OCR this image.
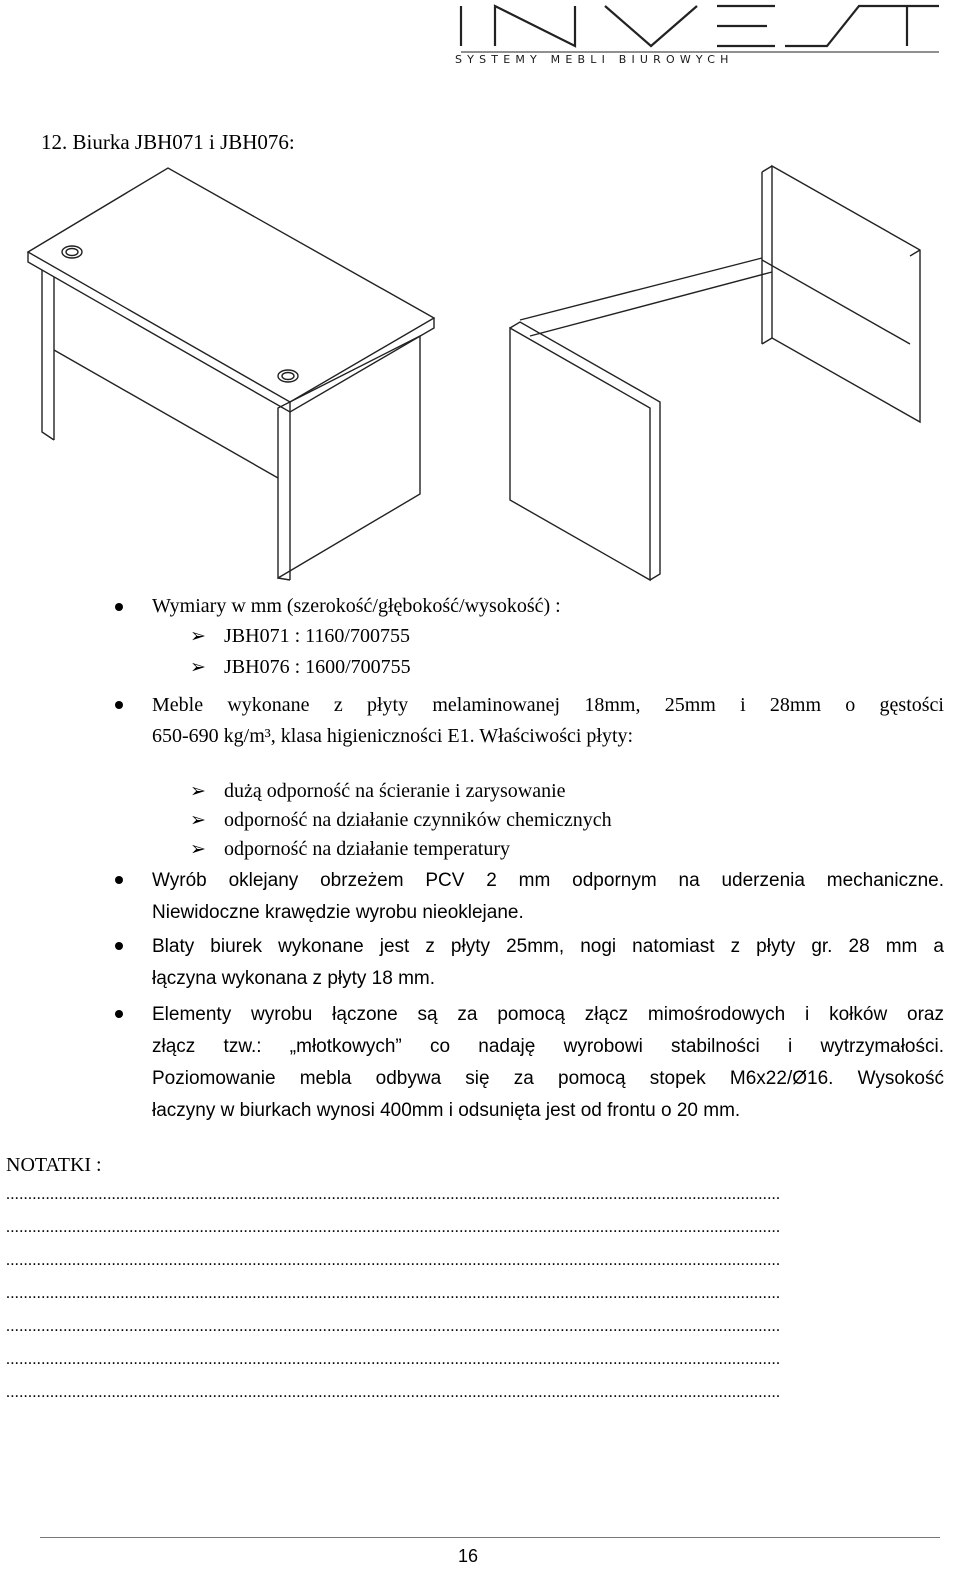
SYSTEMY MEBLI BIUROWYCH
12. Biurka JBH071 i JBH076:
Wymiary w mm (szerokość/głębokość/wysokość) :
➢ JBH071 : 1160/700755
➢ JBH076 : 1600/700755
Meble wykonane z płyty melaminowanej 18mm, 25mm i 28mm o gęstości
650-690 kg/m³, klasa higieniczności E1. Właściwości płyty:
➢ dużą odporność na ścieranie i zarysowanie
➢ odporność na działanie czynników chemicznych
➢ odporność na działanie temperatury
Wyrób oklejany obrzeżem PCV 2 mm odpornym na uderzenia mechaniczne.
Niewidoczne krawędzie wyrobu nieoklejane.
Blaty biurek wykonane jest z płyty 25mm, nogi natomiast z płyty gr. 28 mm a
łączyna wykonana z płyty 18 mm.
Elementy wyrobu łączone są za pomocą złącz mimośrodowych i kołków oraz
złącz tzw.: „młotkowych” co nadaję wyrobowi stabilności i wytrzymałości.
Poziomowanie mebla odbywa się za pomocą stopek M6x22/Ø16. Wysokość
łaczyny w biurkach wynosi 400mm i odsunięta jest od frontu o 20 mm.
NOTATKI :
................................................................................................................................................................................
................................................................................................................................................................................
................................................................................................................................................................................
................................................................................................................................................................................
................................................................................................................................................................................
................................................................................................................................................................................
................................................................................................................................................................................
16
